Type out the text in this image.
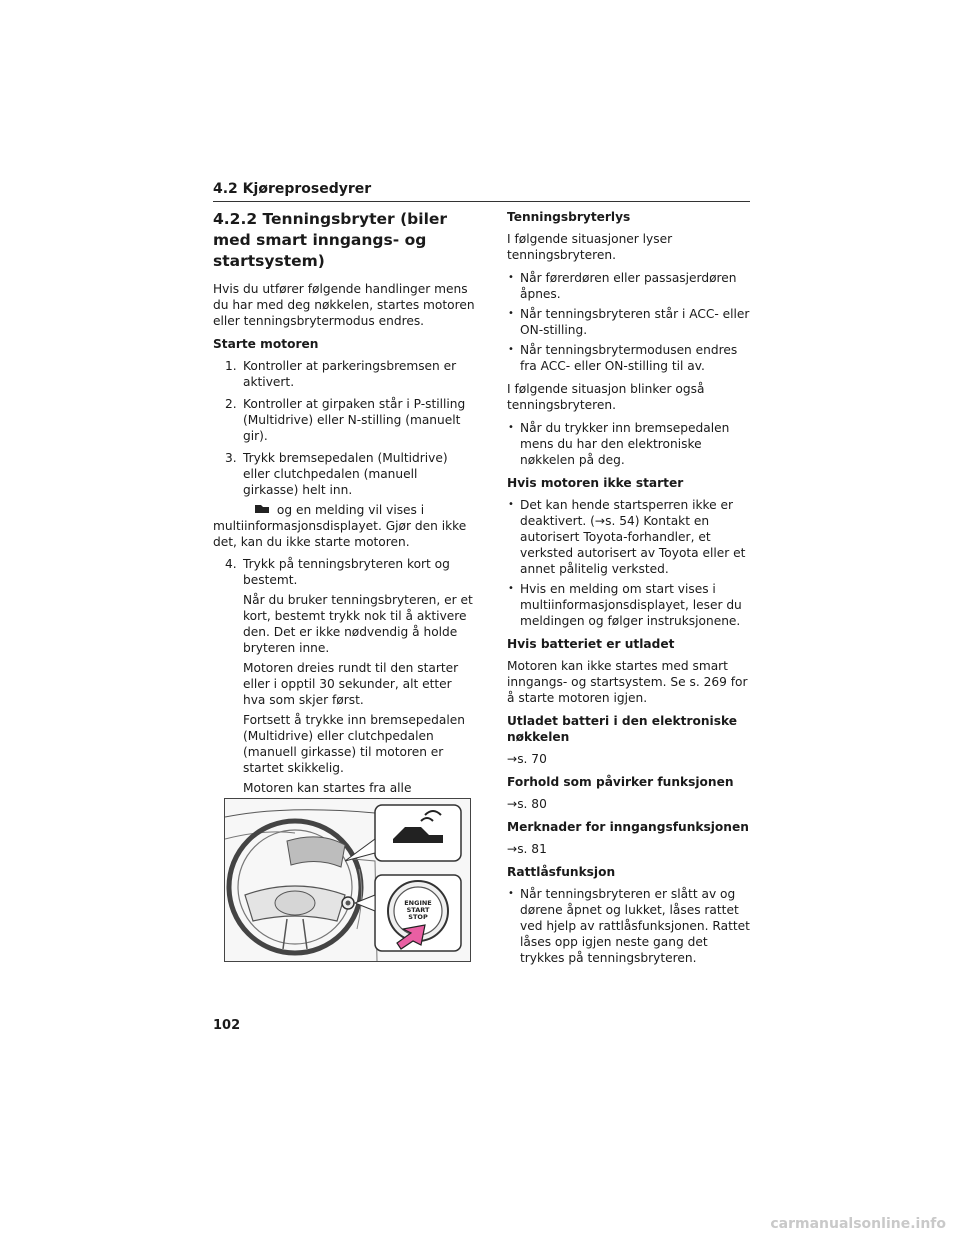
4.2 Kjøreprosedyrer
4.2.2 Tenningsbryter (biler med smart inngangs- og startsystem)

Hvis du utfører følgende handlinger mens du har med deg nøkkelen, startes motoren eller tenningsbrytermodus endres.

Starte motoren
1. Kontroller at parkeringsbremsen er aktivert.
2. Kontroller at girpaken står i P-stilling (Multidrive) eller N-stilling (manuelt gir).
3. Trykk bremsepedalen (Multidrive) eller clutchpedalen (manuell girkasse) helt inn.

og en melding vil vises i multiinformasjonsdisplayet. Gjør den ikke det, kan du ikke starte motoren.

4. Trykk på tenningsbryteren kort og bestemt.

Når du bruker tenningsbryteren, er et kort, bestemt trykk nok til å aktivere den. Det er ikke nødvendig å holde bryteren inne.

Motoren dreies rundt til den starter eller i opptil 30 sekunder, alt etter hva som skjer først.

Fortsett å trykke inn bremsepedalen (Multidrive) eller clutchpedalen (manuell girkasse) til motoren er startet skikkelig.

Motoren kan startes fra alle

ENGINE
START
STOP
Tenningsbryterlys

I følgende situasjoner lyser tenningsbryteren.

• Når førerdøren eller passasjerdøren åpnes.
• Når tenningsbryteren står i ACC- eller ON-stilling.
• Når tenningsbrytermodusen endres fra ACC- eller ON-stilling til av.

I følgende situasjon blinker også tenningsbryteren.

• Når du trykker inn bremsepedalen mens du har den elektroniske nøkkelen på deg.
Hvis motoren ikke starter
• Det kan hende startsperren ikke er deaktivert. (→s. 54) Kontakt en autorisert Toyota-forhandler, et verksted autorisert av Toyota eller et annet pålitelig verksted.
• Hvis en melding om start vises i multiinformasjonsdisplayet, leser du meldingen og følger instruksjonene.
Hvis batteriet er utladet

Motoren kan ikke startes med smart inngangs- og startsystem. Se s. 269 for å starte motoren igjen.

Utladet batteri i den elektroniske nøkkelen

→s. 70

Forhold som påvirker funksjonen

→s. 80

Merknader for inngangsfunksjonen

→s. 81

Rattlåsfunksjon
• Når tenningsbryteren er slått av og dørene åpnet og lukket, låses rattet ved hjelp av rattlåsfunksjonen. Rattet låses opp igjen neste gang det trykkes på tenningsbryteren.
102
carmanualsonline.info
